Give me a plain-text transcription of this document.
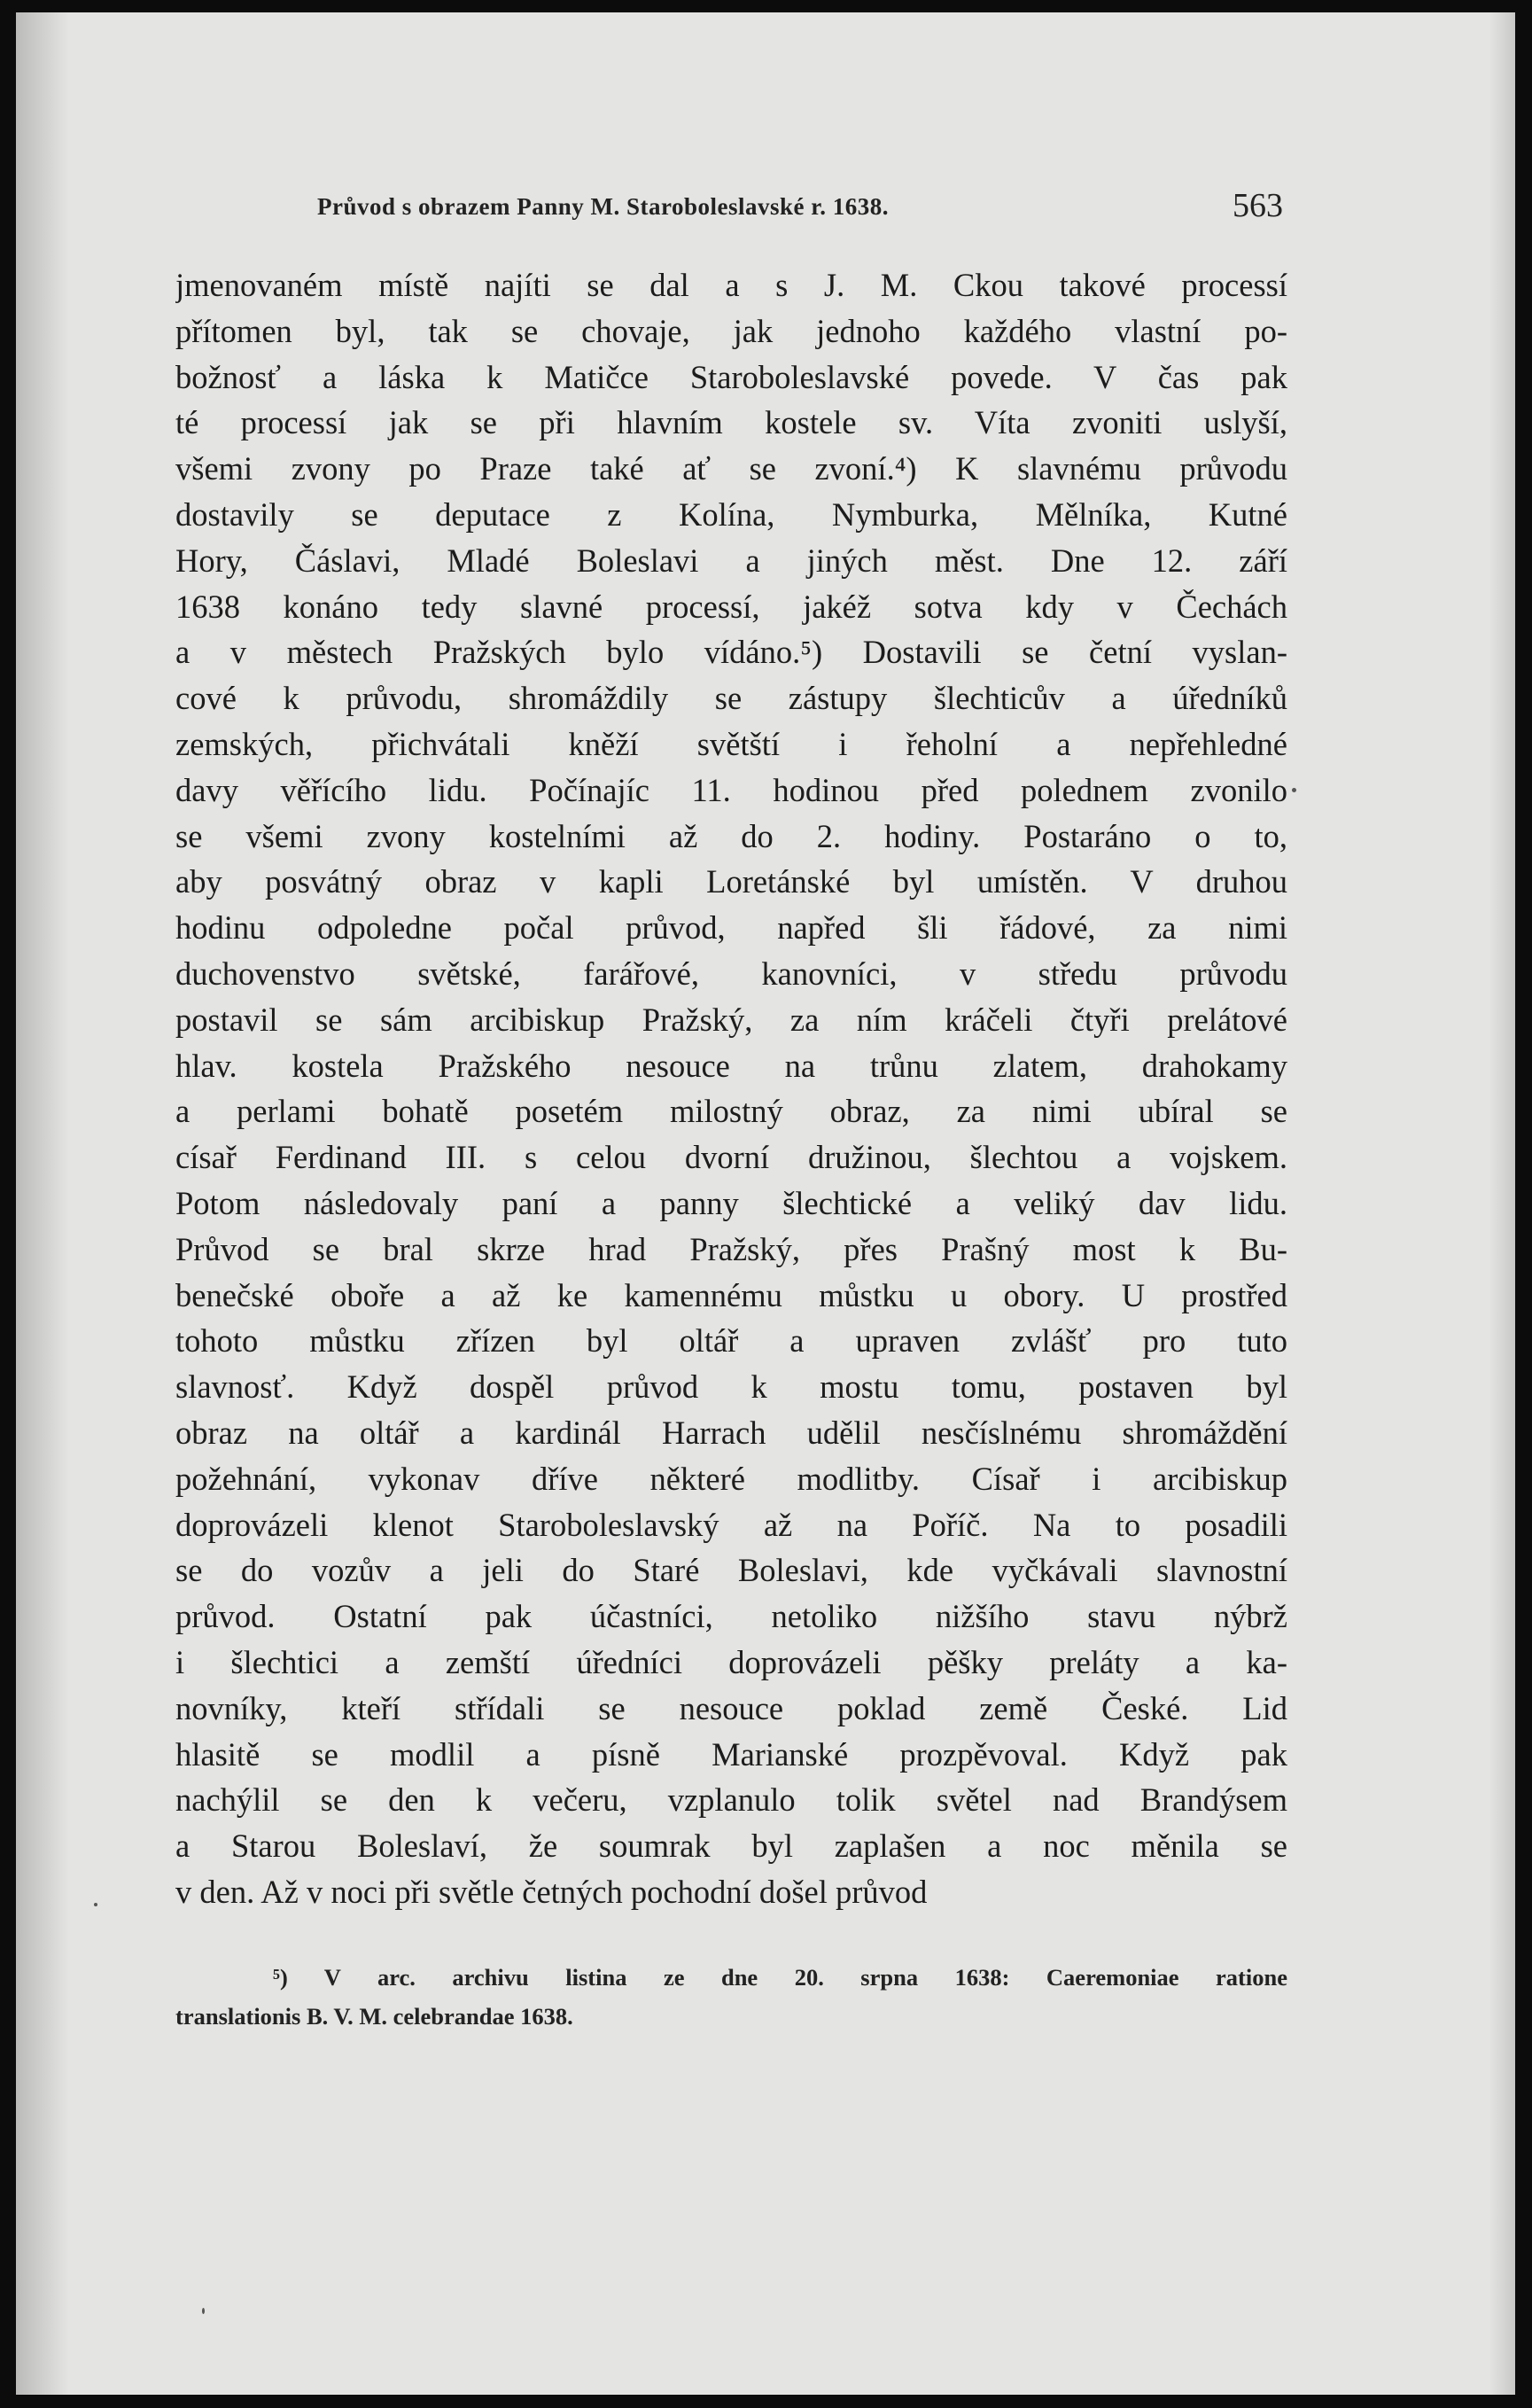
Průvod s obrazem Panny M. Staroboleslavské r. 1638.	563
jmenovaném místě najíti se dal a s J. M. Ckou takové processí
přítomen byl, tak se chovaje, jak jednoho každého vlastní po-
božnosť a láska k Matičce Staroboleslavské povede. V čas pak
té processí jak se při hlavním kostele sv. Víta zvoniti uslyší,
všemi zvony po Praze také ať se zvoní.⁴) K slavnému průvodu
dostavily se deputace z Kolína, Nymburka, Mělníka, Kutné
Hory, Čáslavi, Mladé Boleslavi a jiných měst. Dne 12. září
1638 konáno tedy slavné processí, jakéž sotva kdy v Čechách
a v městech Pražských bylo vídáno.⁵) Dostavili se četní vyslan-
cové k průvodu, shromáždily se zástupy šlechticův a úředníků
zemských, přichvátali kněží světští i řeholní a nepřehledné
davy věřícího lidu. Počínajíc 11. hodinou před polednem zvonilo
se všemi zvony kostelními až do 2. hodiny. Postaráno o to,
aby posvátný obraz v kapli Loretánské byl umístěn. V druhou
hodinu odpoledne počal průvod, napřed šli řádové, za nimi
duchovenstvo světské, farářové, kanovníci, v středu průvodu
postavil se sám arcibiskup Pražský, za ním kráčeli čtyři prelátové
hlav. kostela Pražského nesouce na trůnu zlatem, drahokamy
a perlami bohatě posetém milostný obraz, za nimi ubíral se
císař Ferdinand III. s celou dvorní družinou, šlechtou a vojskem.
Potom následovaly paní a panny šlechtické a veliký dav lidu.
Průvod se bral skrze hrad Pražský, přes Prašný most k Bu-
benečské oboře a až ke kamennému můstku u obory. U prostřed
tohoto můstku zřízen byl oltář a upraven zvlášť pro tuto
slavnosť. Když dospěl průvod k mostu tomu, postaven byl
obraz na oltář a kardinál Harrach udělil nesčíslnému shromáždění
požehnání, vykonav dříve některé modlitby. Císař i arcibiskup
doprovázeli klenot Staroboleslavský až na Poříč. Na to posadili
se do vozův a jeli do Staré Boleslavi, kde vyčkávali slavnostní
průvod. Ostatní pak účastníci, netoliko nižšího stavu nýbrž
i šlechtici a zemští úředníci doprovázeli pěšky preláty a ka-
novníky, kteří střídali se nesouce poklad země České. Lid
hlasitě se modlil a písně Marianské prozpěvoval. Když pak
nachýlil se den k večeru, vzplanulo tolik světel nad Brandýsem
a Starou Boleslaví, že soumrak byl zaplašen a noc měnila se
v den. Až v noci při světle četných pochodní došel průvod
⁵) V arc. archivu listina ze dne 20. srpna 1638: Caeremoniae ratione
translationis B. V. M. celebrandae 1638.
